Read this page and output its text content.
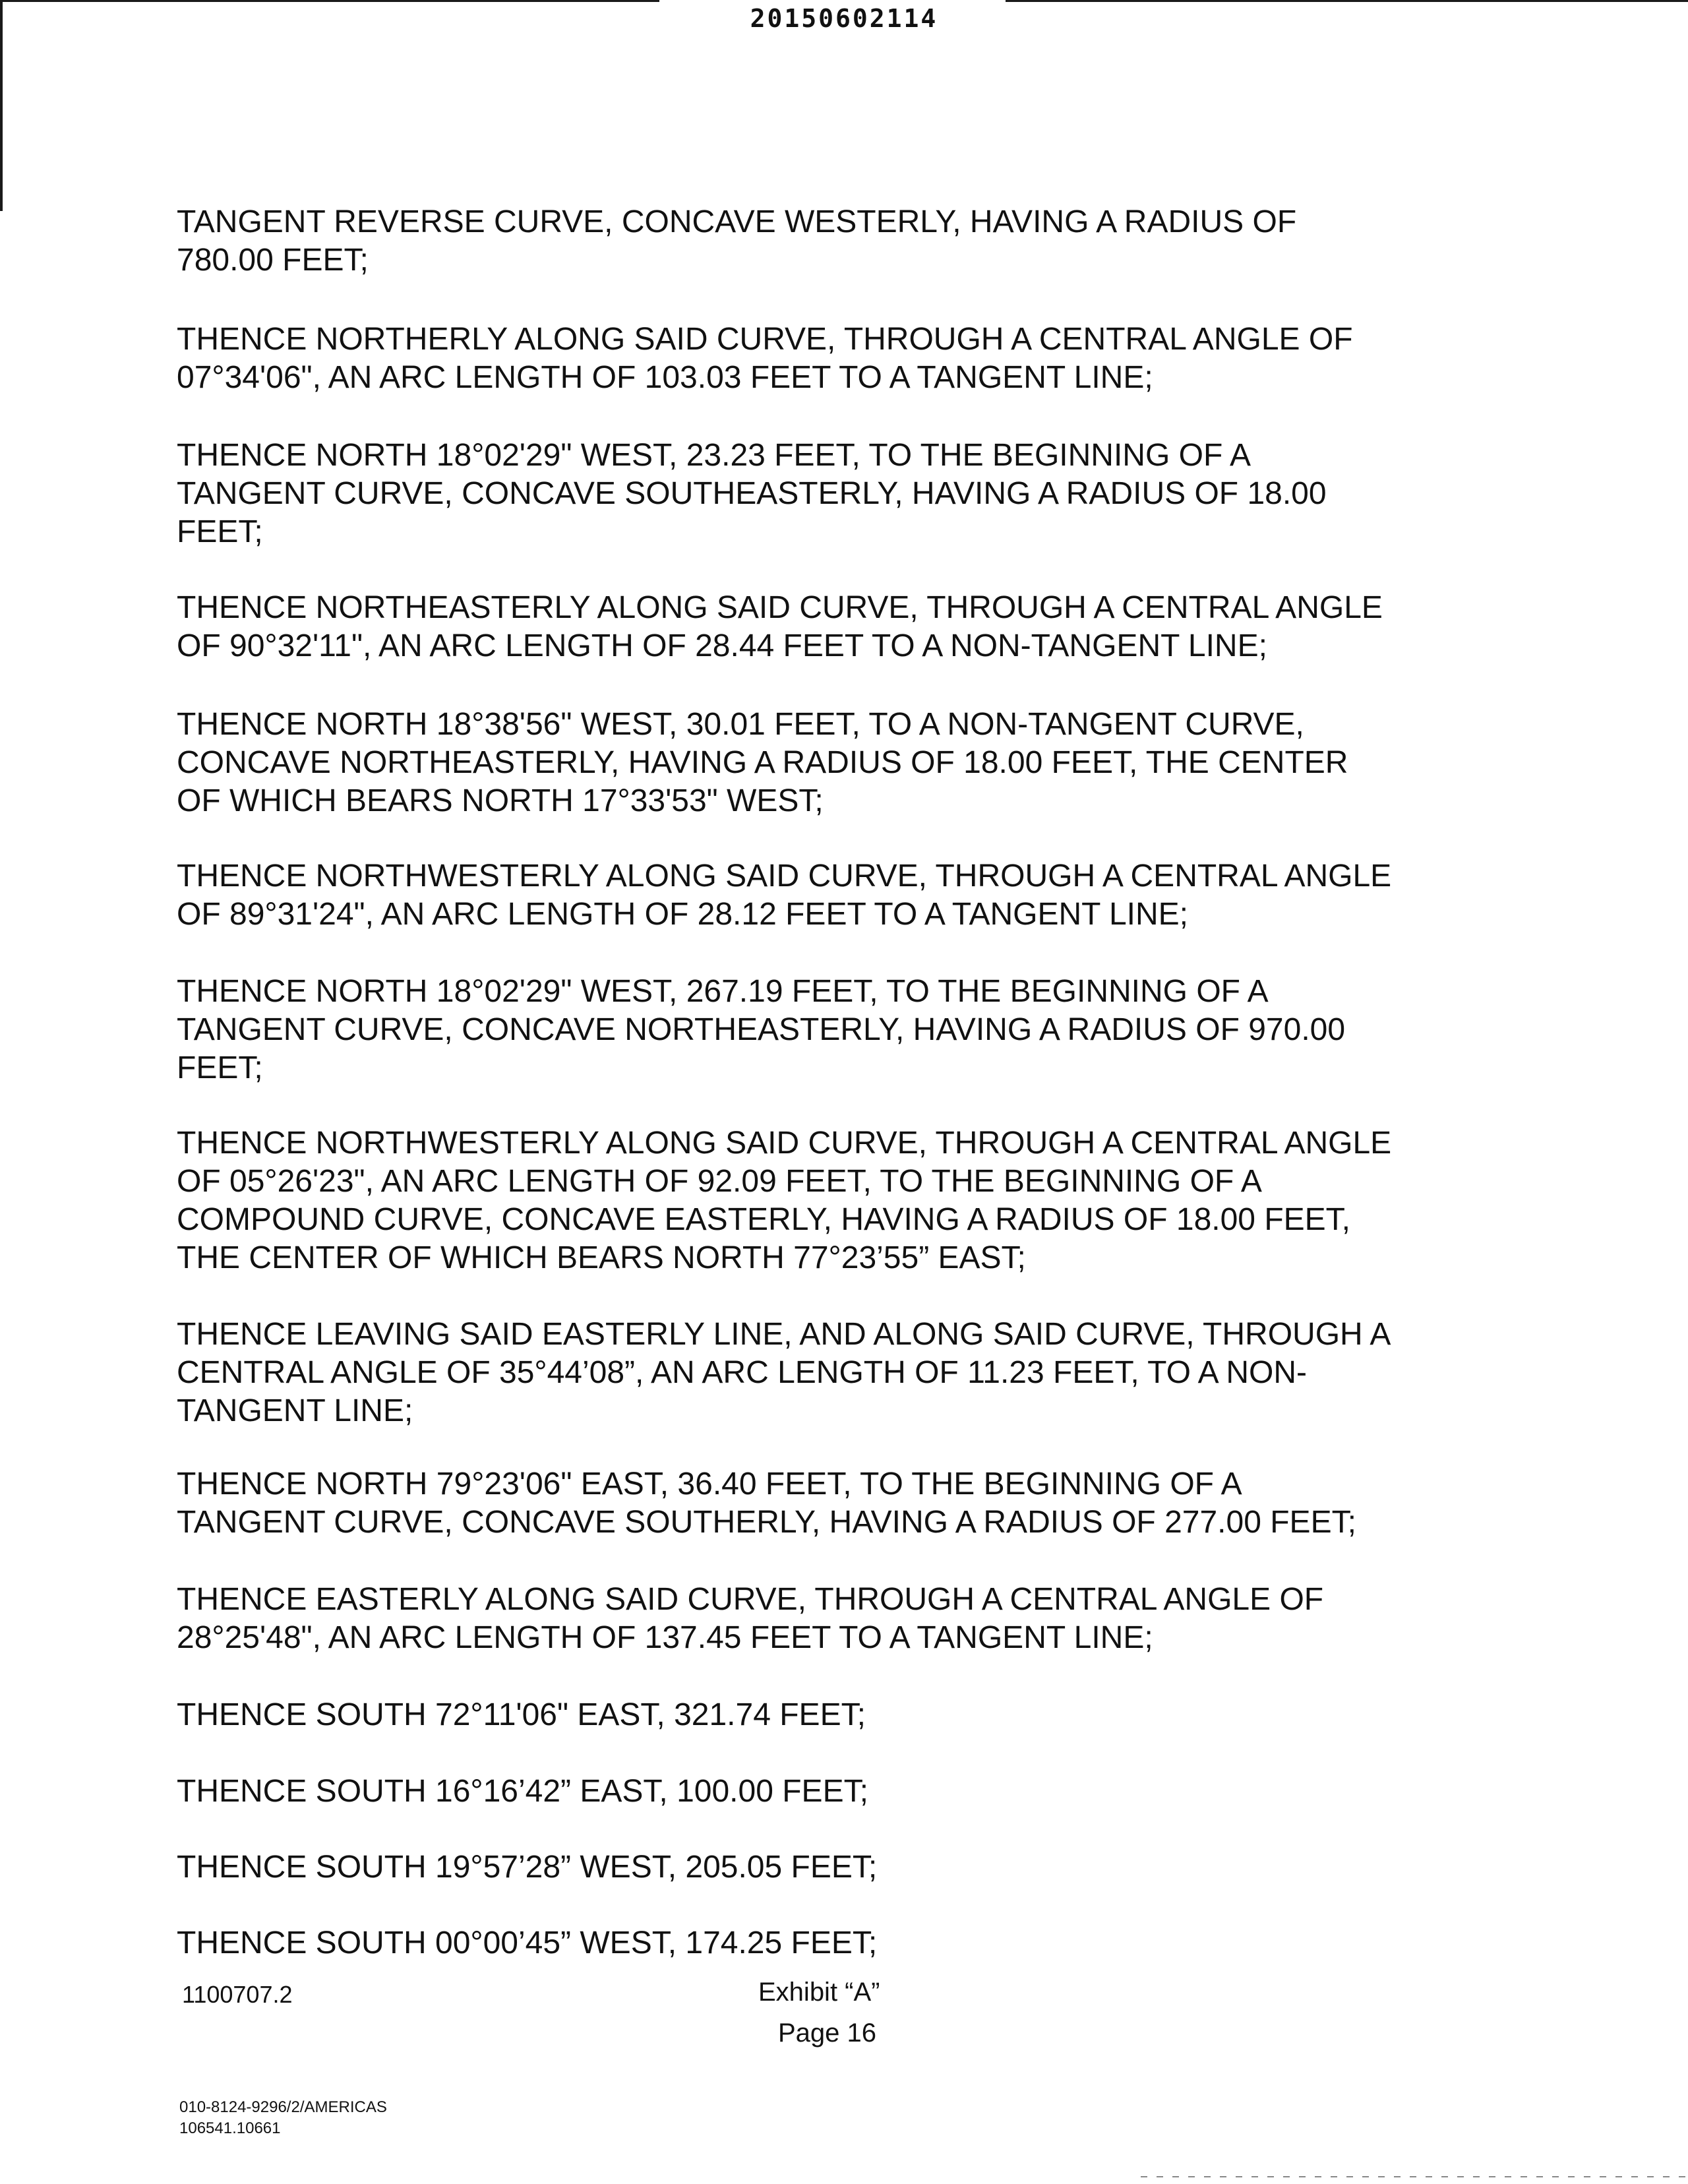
20150602114

TANGENT REVERSE CURVE, CONCAVE WESTERLY, HAVING A RADIUS OF
780.00 FEET;

THENCE NORTHERLY ALONG SAID CURVE, THROUGH A CENTRAL ANGLE OF
07°34'06", AN ARC LENGTH OF 103.03 FEET TO A TANGENT LINE;

THENCE NORTH 18°02'29" WEST, 23.23 FEET, TO THE BEGINNING OF A
TANGENT CURVE, CONCAVE SOUTHEASTERLY, HAVING A RADIUS OF 18.00
FEET;

THENCE NORTHEASTERLY ALONG SAID CURVE, THROUGH A CENTRAL ANGLE
OF 90°32'11", AN ARC LENGTH OF 28.44 FEET TO A NON-TANGENT LINE;

THENCE NORTH 18°38'56" WEST, 30.01 FEET, TO A NON-TANGENT CURVE,
CONCAVE NORTHEASTERLY, HAVING A RADIUS OF 18.00 FEET, THE CENTER
OF WHICH BEARS NORTH 17°33'53" WEST;

THENCE NORTHWESTERLY ALONG SAID CURVE, THROUGH A CENTRAL ANGLE
OF 89°31'24", AN ARC LENGTH OF 28.12 FEET TO A TANGENT LINE;

THENCE NORTH 18°02'29" WEST, 267.19 FEET, TO THE BEGINNING OF A
TANGENT CURVE, CONCAVE NORTHEASTERLY, HAVING A RADIUS OF 970.00
FEET;

THENCE NORTHWESTERLY ALONG SAID CURVE, THROUGH A CENTRAL ANGLE
OF 05°26'23", AN ARC LENGTH OF 92.09 FEET, TO THE BEGINNING OF A
COMPOUND CURVE, CONCAVE EASTERLY, HAVING A RADIUS OF 18.00 FEET,
THE CENTER OF WHICH BEARS NORTH 77°23’55” EAST;

THENCE LEAVING SAID EASTERLY LINE, AND ALONG SAID CURVE, THROUGH A
CENTRAL ANGLE OF 35°44’08”, AN ARC LENGTH OF 11.23 FEET, TO A NON-
TANGENT LINE;

THENCE NORTH 79°23'06" EAST, 36.40 FEET, TO THE BEGINNING OF A
TANGENT CURVE, CONCAVE SOUTHERLY, HAVING A RADIUS OF 277.00 FEET;

THENCE EASTERLY ALONG SAID CURVE, THROUGH A CENTRAL ANGLE OF
28°25'48", AN ARC LENGTH OF 137.45 FEET TO A TANGENT LINE;

THENCE SOUTH 72°11'06" EAST, 321.74 FEET;

THENCE SOUTH 16°16’42” EAST, 100.00 FEET;

THENCE SOUTH 19°57’28” WEST, 205.05 FEET;

THENCE SOUTH 00°00’45” WEST, 174.25 FEET;

1100707.2	Exhibit “A”
Page 16
010-8124-9296/2/AMERICAS
106541.10661
